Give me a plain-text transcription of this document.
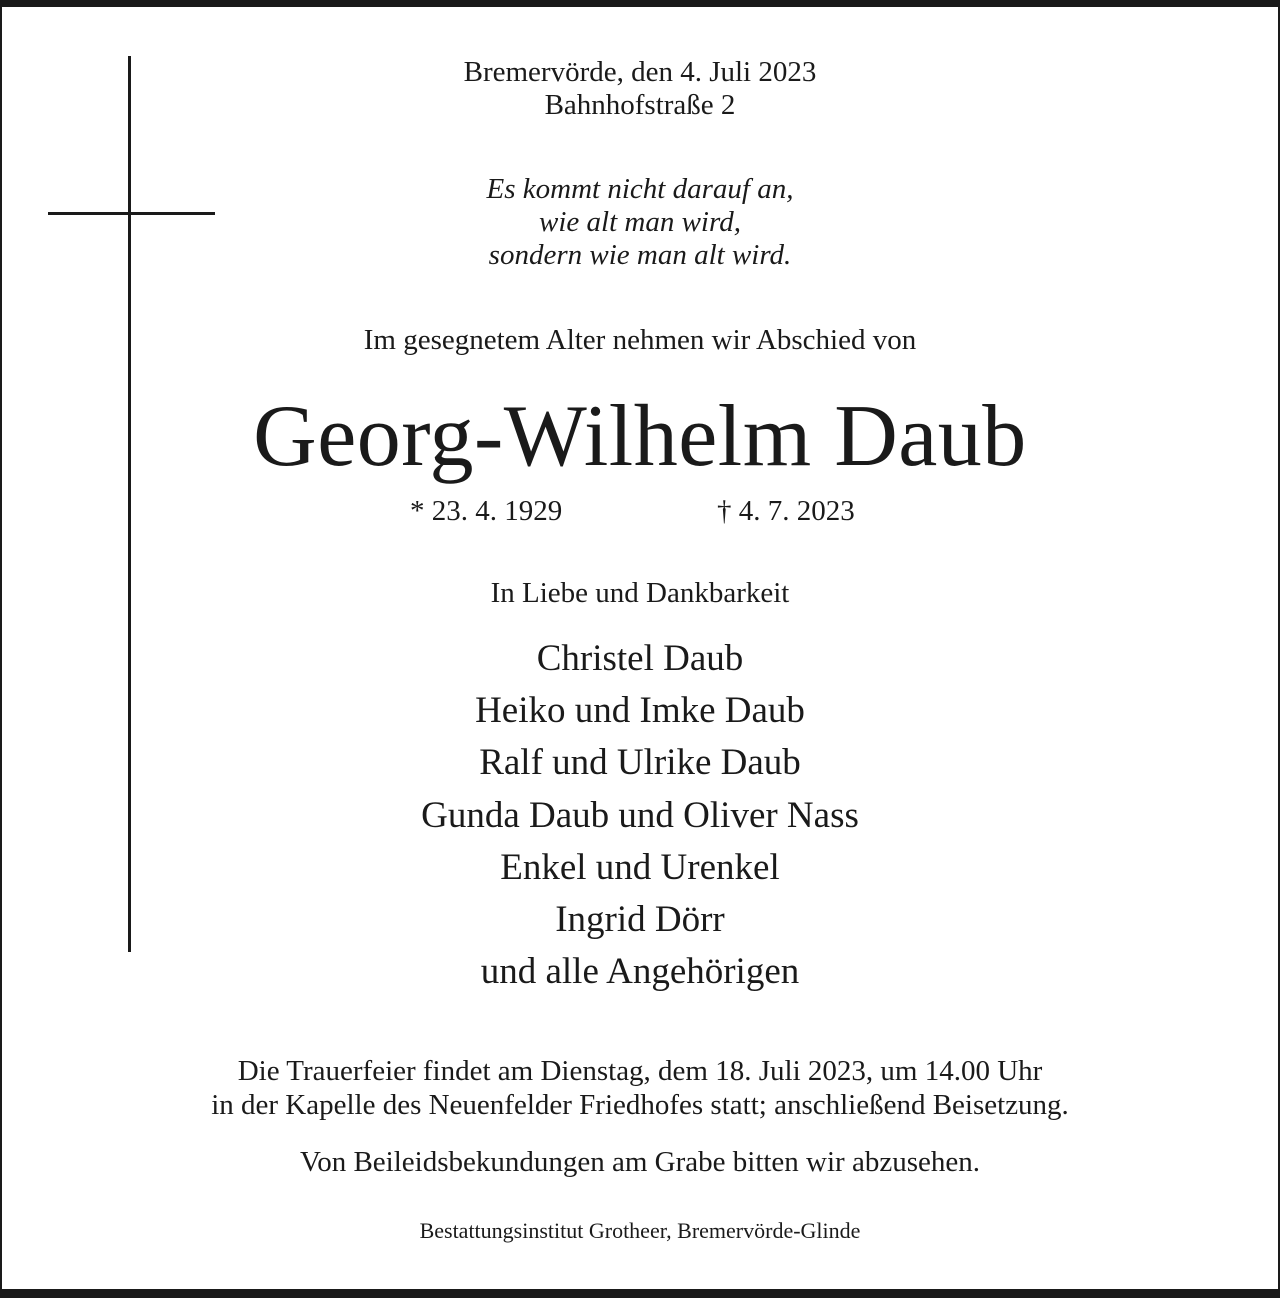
Bremervörde, den 4. Juli 2023
Bahnhofstraße 2
Es kommt nicht darauf an,
wie alt man wird,
sondern wie man alt wird.
Im gesegnetem Alter nehmen wir Abschied von
Georg-Wilhelm Daub
* 23. 4. 1929	† 4. 7. 2023
In Liebe und Dankbarkeit
Christel Daub
Heiko und Imke Daub
Ralf und Ulrike Daub
Gunda Daub und Oliver Nass
Enkel und Urenkel
Ingrid Dörr
und alle Angehörigen
Die Trauerfeier findet am Dienstag, dem 18. Juli 2023, um 14.00 Uhr
in der Kapelle des Neuenfelder Friedhofes statt; anschließend Beisetzung.
Von Beileidsbekundungen am Grabe bitten wir abzusehen.
Bestattungsinstitut Grotheer, Bremervörde-Glinde
